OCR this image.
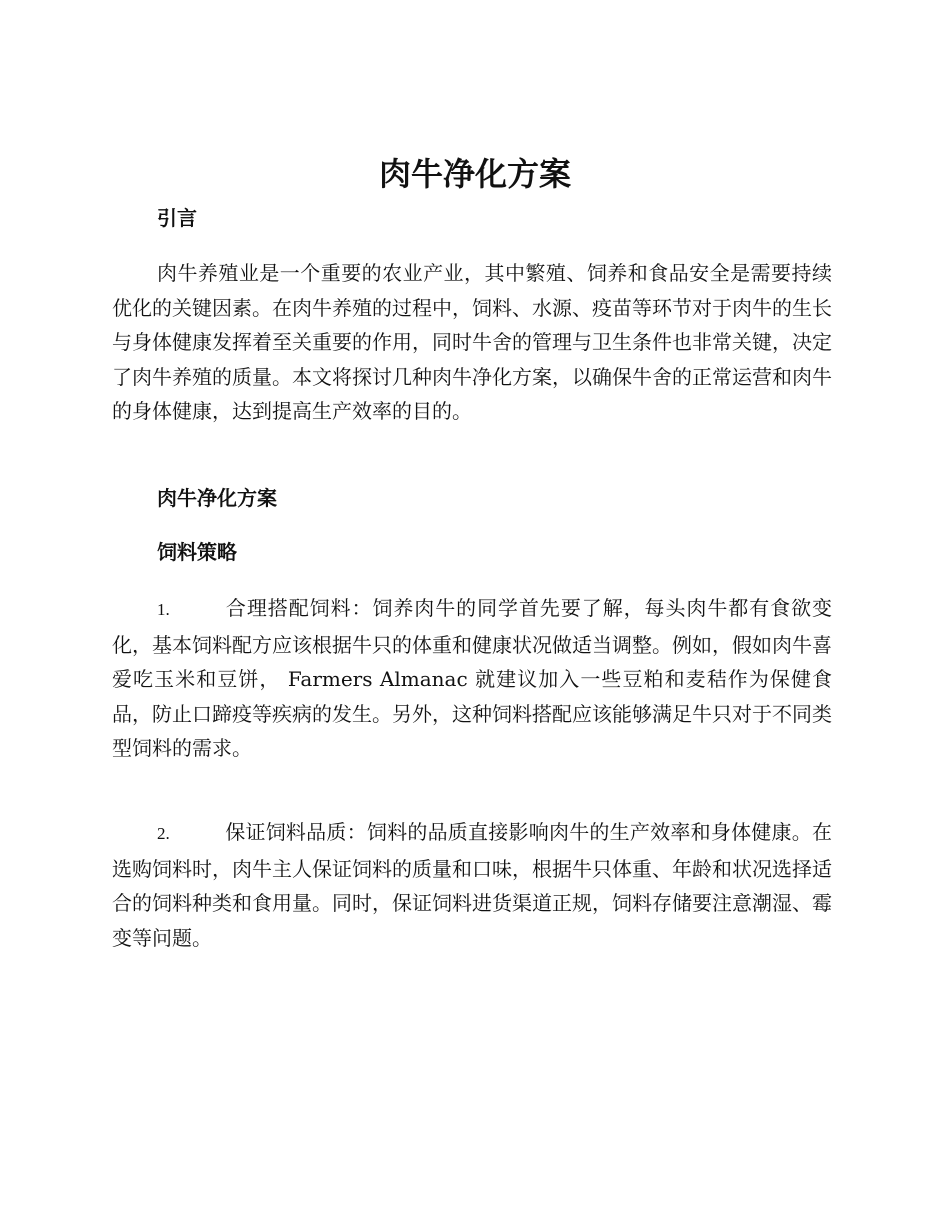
肉牛净化方案
引言

肉牛养殖业是一个重要的农业产业，其中繁殖、饲养和食品安全是需要持续优化的关键因素。在肉牛养殖的过程中，饲料、水源、疫苗等环节对于肉牛的生长与身体健康发挥着至关重要的作用，同时牛舍的管理与卫生条件也非常关键，决定了肉牛养殖的质量。本文将探讨几种肉牛净化方案，以确保牛舍的正常运营和肉牛的身体健康，达到提高生产效率的目的。

肉牛净化方案
饲料策略

1.	合理搭配饲料：饲养肉牛的同学首先要了解，每头肉牛都有食欲变化，基本饲料配方应该根据牛只的体重和健康状况做适当调整。例如，假如肉牛喜爱吃玉米和豆饼， Farmers Almanac 就建议加入一些豆粕和麦秸作为保健食品，防止口蹄疫等疾病的发生。另外，这种饲料搭配应该能够满足牛只对于不同类型饲料的需求。

2.	保证饲料品质：饲料的品质直接影响肉牛的生产效率和身体健康。在选购饲料时，肉牛主人保证饲料的质量和口味，根据牛只体重、年龄和状况选择适合的饲料种类和食用量。同时，保证饲料进货渠道正规，饲料存储要注意潮湿、霉变等问题。
